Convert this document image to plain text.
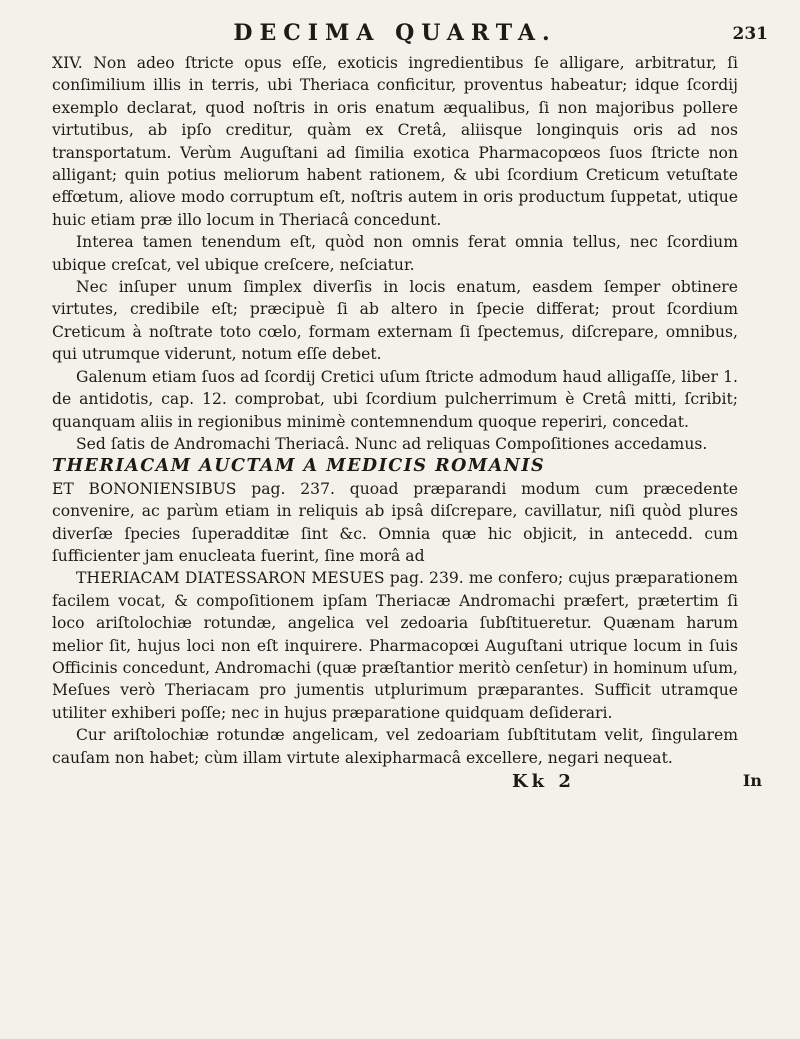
DECIMA QUARTA.	231

XIV. Non adeo ſtricte opus eſſe, exoticis ingredientibus ſe alligare, arbitratur, ſi conſimilium illis in terris, ubi Theriaca conficitur, proventus habeatur; idque ſcordij exemplo declarat, quod noſtris in oris enatum æqualibus, ſi non majoribus pollere virtutibus, ab ipſo creditur, quàm ex Cretâ, aliisque longinquis oris ad nos transportatum. Verùm Auguſtani ad ſimilia exotica Pharmacopœos ſuos ſtricte non alligant; quin potius meliorum habent rationem, & ubi ſcordium Creticum vetuſtate effœtum, aliove modo corruptum eſt, noſtris autem in oris productum ſuppetat, utique huic etiam præ illo locum in Theriacâ concedunt.

Interea tamen tenendum eſt, quòd non omnis ferat omnia tellus, nec ſcordium ubique creſcat, vel ubique creſcere, neſciatur.

Nec inſuper unum ſimplex diverſis in locis enatum, easdem ſemper obtinere virtutes, credibile eſt; præcipuè ſi ab altero in ſpecie differat; prout ſcordium Creticum à noſtrate toto cœlo, formam externam ſi ſpectemus, diſcrepare, omnibus, qui utrumque viderunt, notum eſſe debet.

Galenum etiam ſuos ad ſcordij Cretici uſum ſtricte admodum haud alligaſſe, liber 1. de antidotis, cap. 12. comprobat, ubi ſcordium pulcherrimum è Cretâ mitti, ſcribit; quanquam aliis in regionibus minimè contemnendum quoque reperiri, concedat.

Sed ſatis de Andromachi Theriacâ. Nunc ad reliquas Compoſitiones accedamus.

THERIACAM AUCTAM A MEDICIS ROMANIS

ET BONONIENSIBUS pag. 237. quoad præparandi modum cum præcedente convenire, ac parùm etiam in reliquis ab ipsâ diſcrepare, cavillatur, niſi quòd plures diverſæ ſpecies ſuperadditæ ſint &c. Omnia quæ hic objicit, in antecedd. cum ſufficienter jam enucleata fuerint, ſine morâ ad

THERIACAM DIATESSARON MESUES pag. 239. me confero; cujus præparationem facilem vocat, & compoſitionem ipſam Theriacæ Andromachi præfert, prætertim ſi loco ariſtolochiæ rotundæ, angelica vel zedoaria ſubſtitueretur. Quænam harum melior ſit, hujus loci non eſt inquirere. Pharmacopœi Auguſtani utrique locum in ſuis Officinis concedunt, Andromachi (quæ præſtantior meritò cenſetur) in hominum uſum, Meſues verò Theriacam pro jumentis utplurimum præparantes. Sufficit utramque utiliter exhiberi poſſe; nec in hujus præparatione quidquam deſiderari.

Cur ariſtolochiæ rotundæ angelicam, vel zedoariam ſubſtitutam velit, ſingularem cauſam non habet; cùm illam virtute alexipharmacâ excellere, negari nequeat.

Kk 2	In
